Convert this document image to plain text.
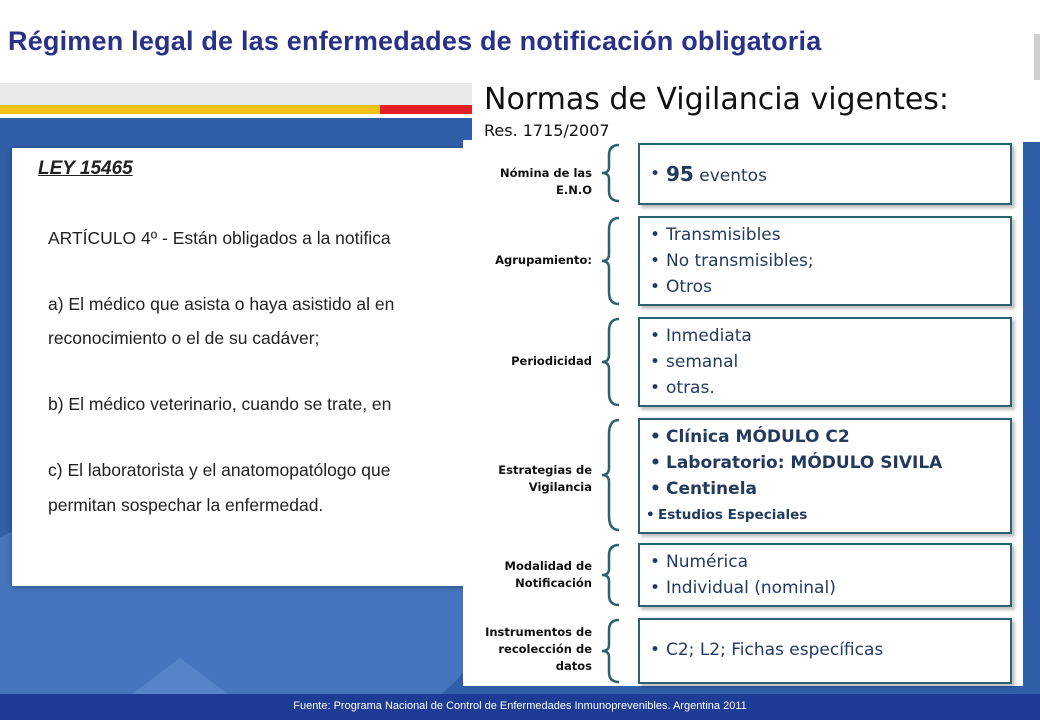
Régimen legal de las enfermedades de notificación obligatoria
Normas de Vigilancia vigentes:
Res. 1715/2007
LEY 15465
ARTÍCULO 4º - Están obligados a la notifica
a) El médico que asista o haya asistido al en
reconocimiento o el de su cadáver;
b) El médico veterinario, cuando se trate, en
c) El laboratorista y el anatomopatólogo que
permitan sospechar la enfermedad.
Nómina de las E.N.O
• 95 eventos
Agrupamiento:
• Transmisibles
• No transmisibles;
• Otros
Periodicidad
• Inmediata
• semanal
• otras.
Estrategias de Vigilancia
• Clínica MÓDULO C2
• Laboratorio: MÓDULO SIVILA
• Centinela
• Estudios Especiales
Modalidad de Notificación
• Numérica
• Individual (nominal)
Instrumentos de recolección de datos
• C2; L2; Fichas específicas
Fuente: Programa Nacional de Control de Enfermedades Inmunoprevenibles. Argentina 2011
